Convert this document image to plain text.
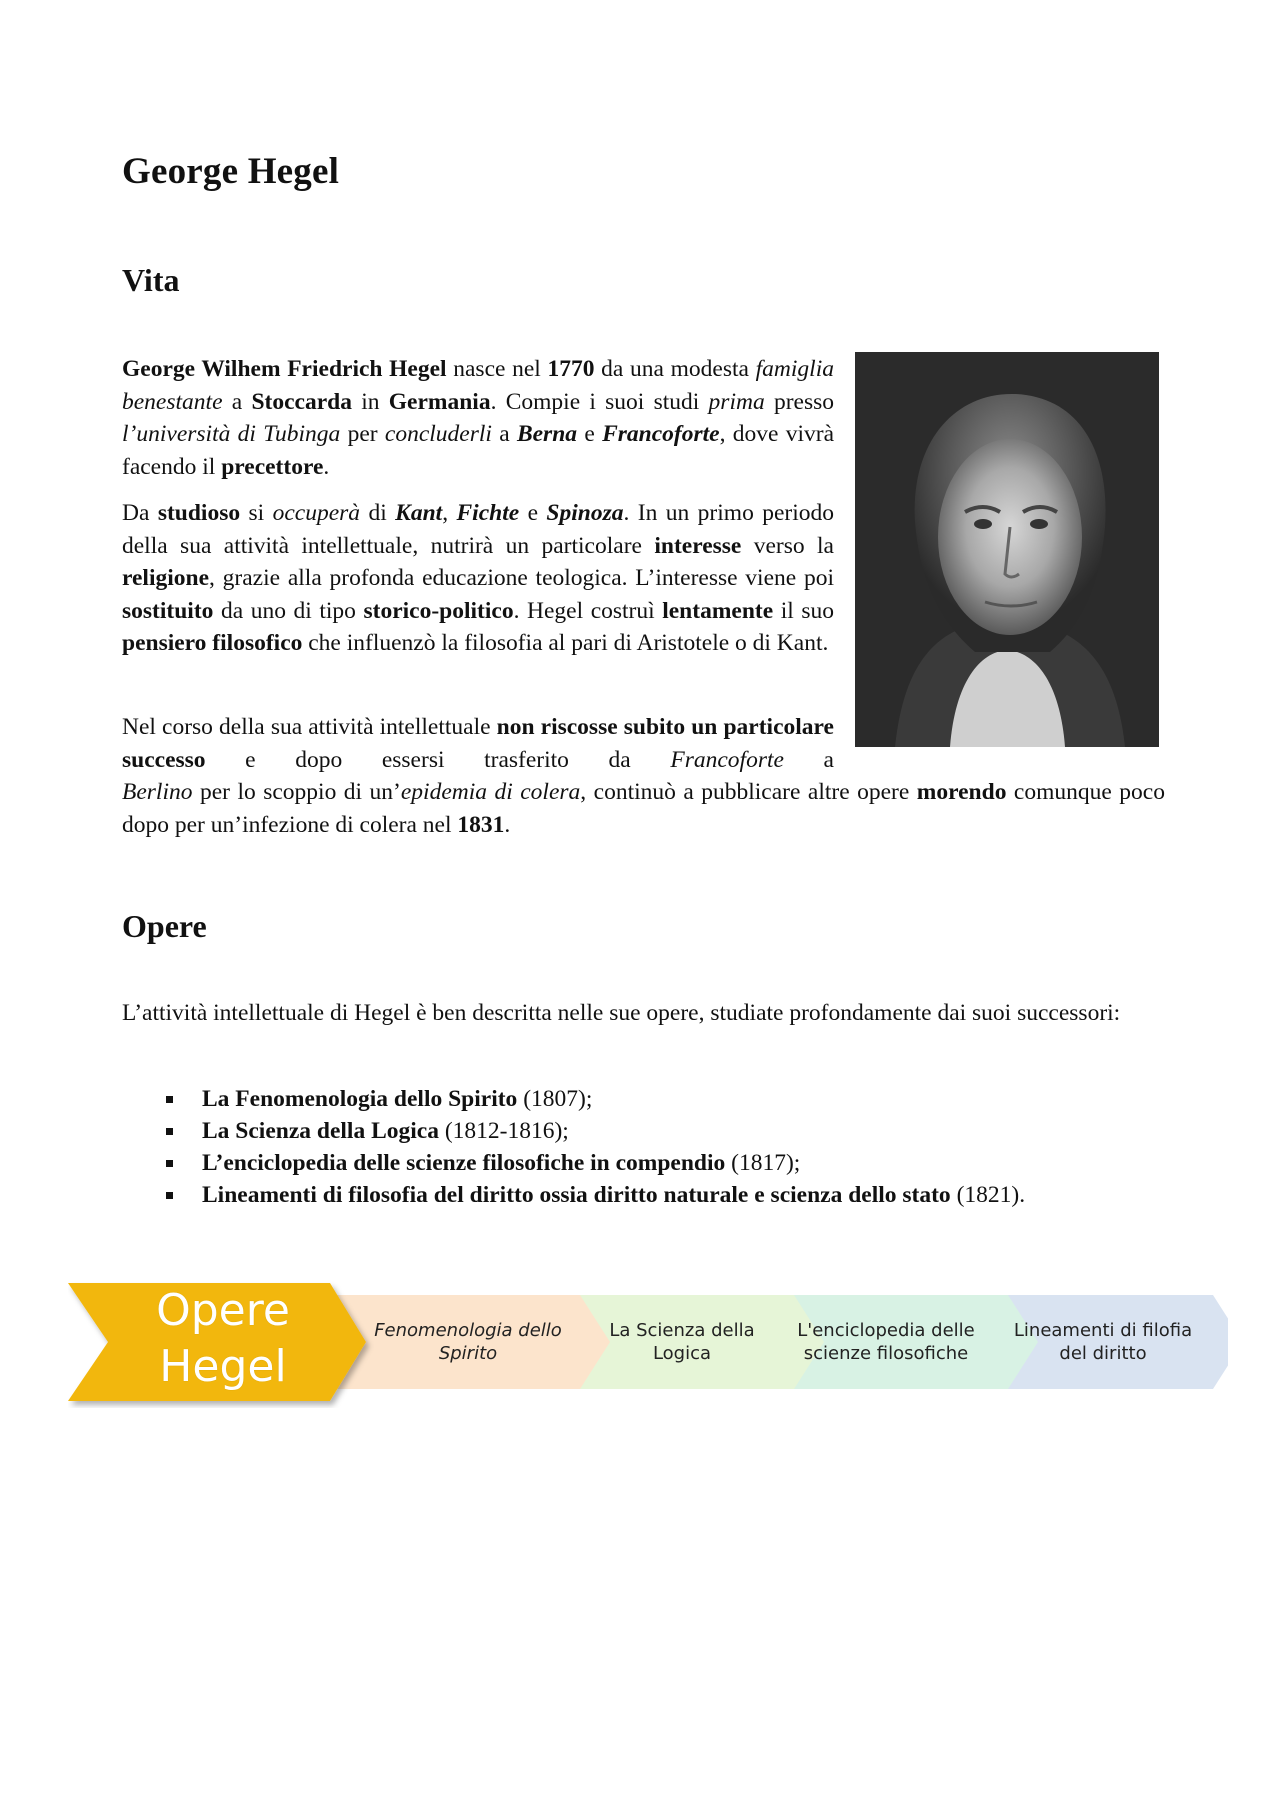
George Hegel
Vita

George Wilhem Friedrich Hegel nasce nel 1770 da una modesta famiglia benestante a Stoccarda in Germania. Compie i suoi studi prima presso l’università di Tubinga per concluderli a Berna e Francoforte, dove vivrà facendo il precettore.

Da studioso si occuperà di Kant, Fichte e Spinoza. In un primo periodo della sua attività intellettuale, nutrirà un particolare interesse verso la religione, grazie alla profonda educazione teologica. L’interesse viene poi sostituito da uno di tipo storico-politico. Hegel costruì lentamente il suo pensiero filosofico che influenzò la filosofia al pari di Aristotele o di Kant.

Nel corso della sua attività intellettuale non riscosse subito un particolare successo e dopo essersi trasferito da Francoforte a

Berlino per lo scoppio di un’epidemia di colera, continuò a pubblicare altre opere morendo comunque poco dopo per un’infezione di colera nel 1831.

Opere

L’attività intellettuale di Hegel è ben descritta nelle sue opere, studiate profondamente dai suoi successori:

La Fenomenologia dello Spirito (1807);
La Scienza della Logica (1812-1816);
L’enciclopedia delle scienze filosofiche in compendio (1817);
Lineamenti di filosofia del diritto ossia diritto naturale e scienza dello stato (1821).
Opere
Hegel
Fenomenologia dello Spirito
La Scienza della Logica
L'enciclopedia delle scienze filosofiche
Lineamenti di filofia del diritto
